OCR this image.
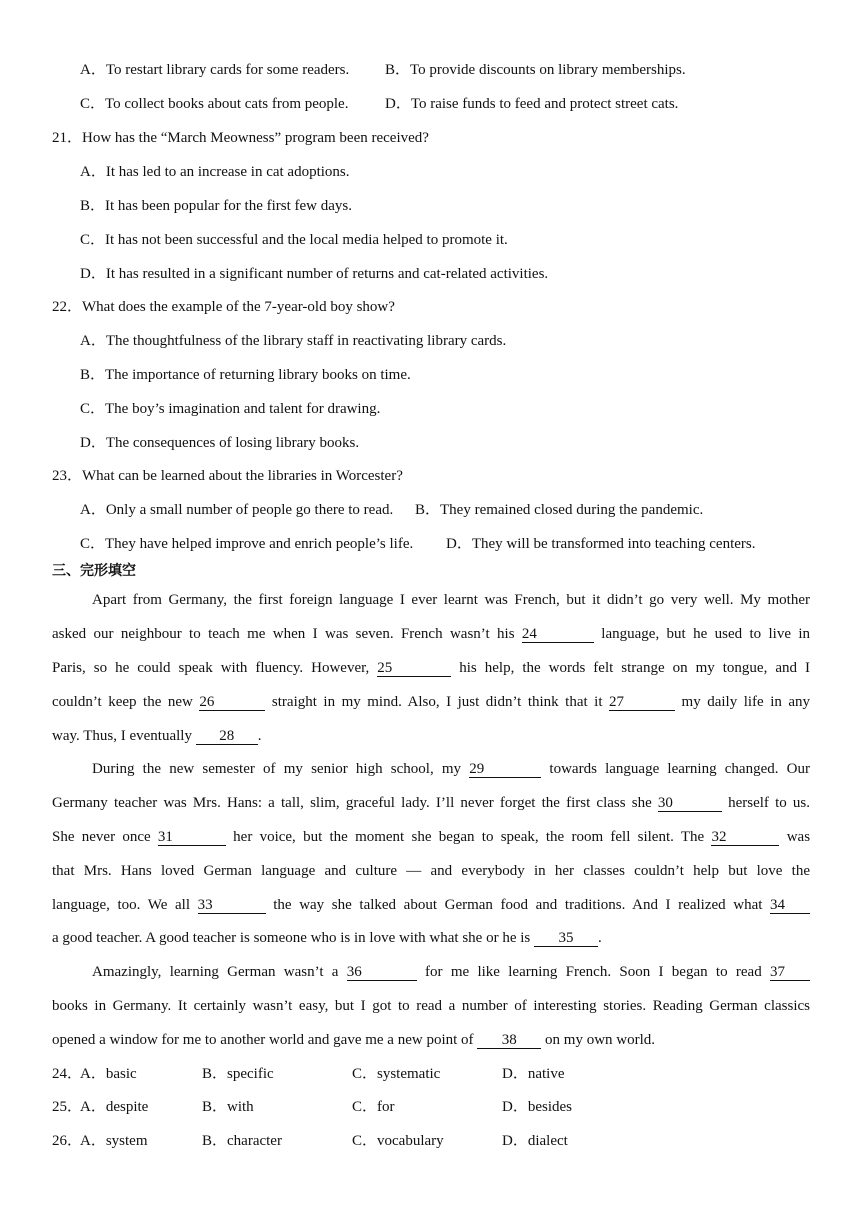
A．To restart library cards for some readers. B．To provide discounts on library memberships.
C．To collect books about cats from people. D．To raise funds to feed and protect street cats.
21．How has the “March Meowness” program been received?
A．It has led to an increase in cat adoptions.
B．It has been popular for the first few days.
C．It has not been successful and the local media helped to promote it.
D．It has resulted in a significant number of returns and cat-related activities.
22．What does the example of the 7-year-old boy show?
A．The thoughtfulness of the library staff in reactivating library cards.
B．The importance of returning library books on time.
C．The boy’s imagination and talent for drawing.
D．The consequences of losing library books.
23．What can be learned about the libraries in Worcester?
A．Only a small number of people go there to read. B．They remained closed during the pandemic.
C．They have helped improve and enrich people’s life. D．They will be transformed into teaching centers.
三、完形填空
Apart from Germany, the first foreign language I ever learnt was French, but it didn’t go very well. My mother
asked our neighbour to teach me when I was seven. French wasn’t his 24	language, but he used to live in
Paris, so he could speak with fluency. However, 25	his help, the words felt strange on my tongue, and I
couldn’t keep the new 26	straight in my mind. Also, I just didn’t think that it 27	my daily life in any
way. Thus, I eventually 28 .
During the new semester of my senior high school, my 29	towards language learning changed. Our
Germany teacher was Mrs. Hans: a tall, slim, graceful lady. I’ll never forget the first class she 30	herself to us.
She never once 31	her voice, but the moment she began to speak, the room fell silent. The 32	was
that Mrs. Hans loved German language and culture — and everybody in her classes couldn’t help but love the
language, too. We all 33	the way she talked about German food and traditions. And I realized what 34
a good teacher. A good teacher is someone who is in love with what she or he is 35 .
Amazingly, learning German wasn’t a 36	for me like learning French. Soon I began to read 37
books in Germany. It certainly wasn’t easy, but I got to read a number of interesting stories. Reading German classics
opened a window for me to another world and gave me a new point of 38 on my own world.
24．
A．basic	B．specific	C．systematic	D．native
25．
A．despite	B．with	C．for	D．besides
26．
A．system	B．character	C．vocabulary	D．dialect
